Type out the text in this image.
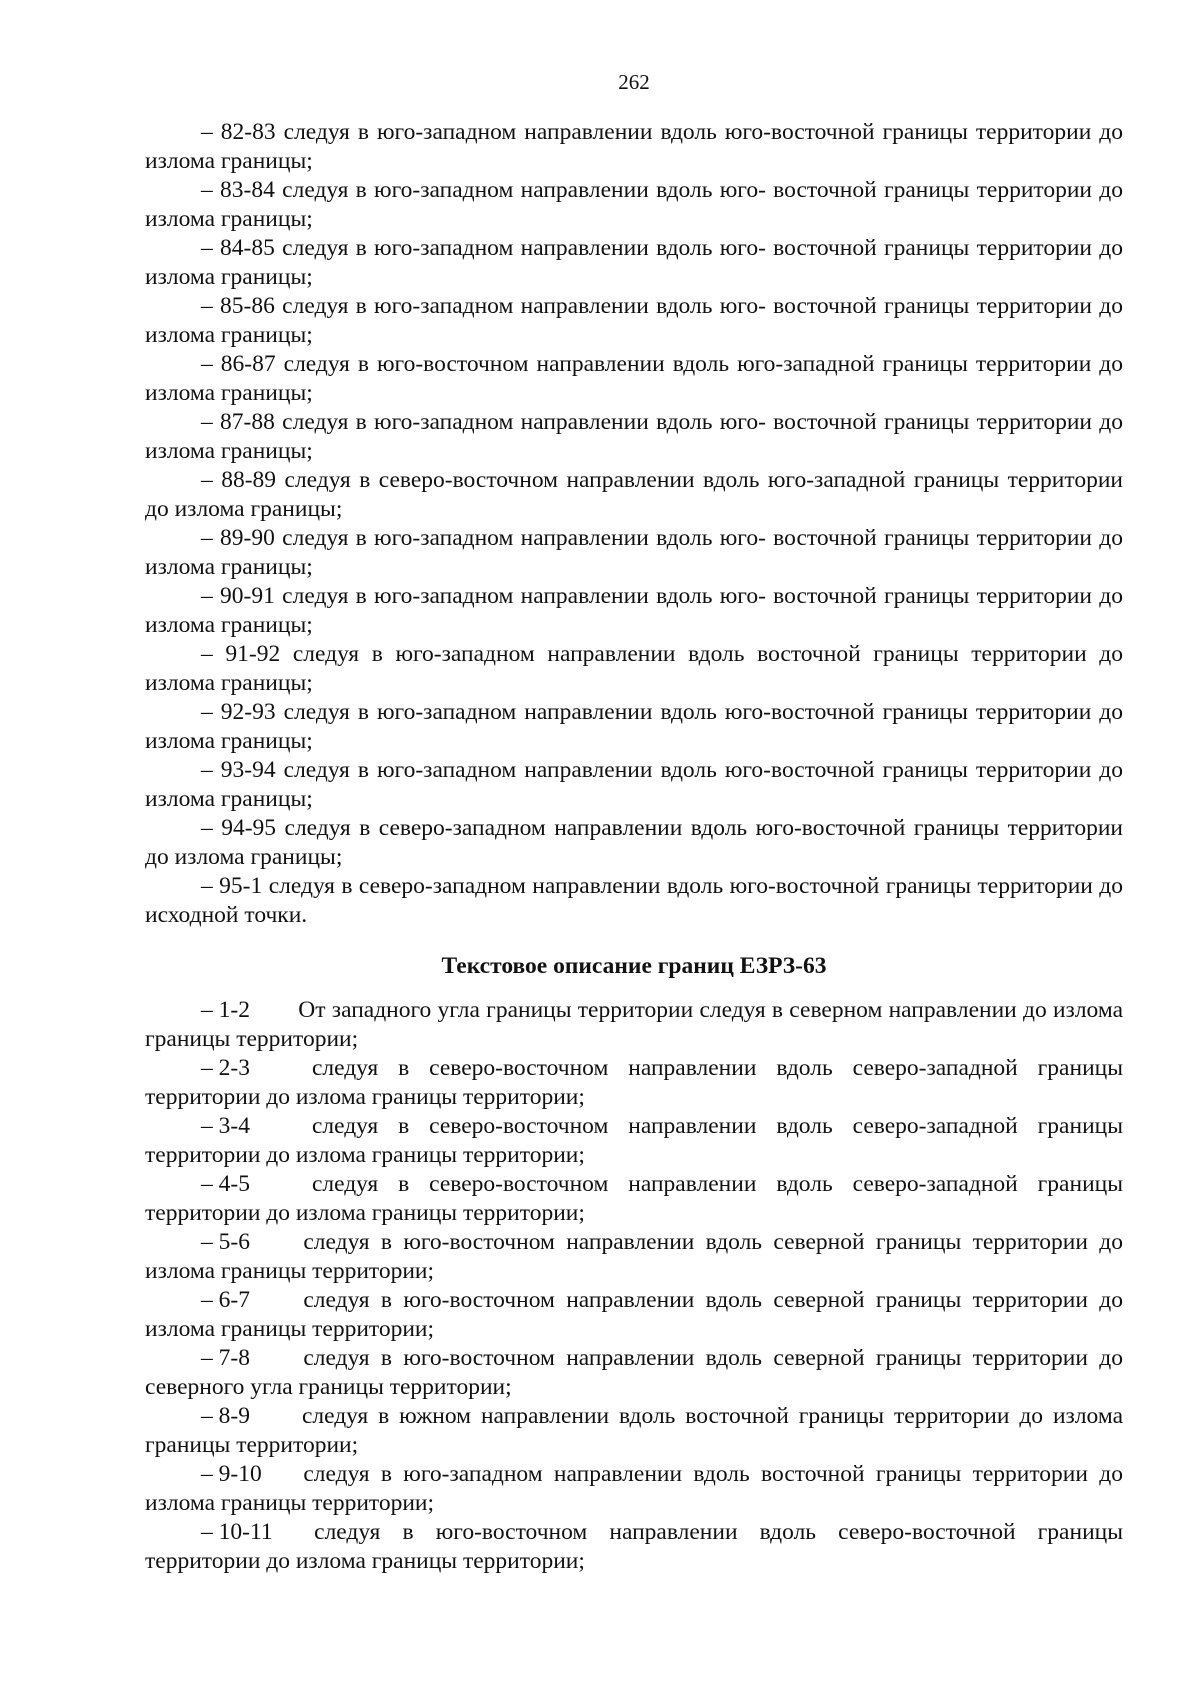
262

– 82-83 следуя в юго-западном направлении вдоль юго-восточной границы территории до излома границы;

– 83-84 следуя в юго-западном направлении вдоль юго- восточной границы территории до излома границы;

– 84-85 следуя в юго-западном направлении вдоль юго- восточной границы территории до излома границы;

– 85-86 следуя в юго-западном направлении вдоль юго- восточной границы территории до излома границы;

– 86-87 следуя в юго-восточном направлении вдоль юго-западной границы территории до излома границы;

– 87-88 следуя в юго-западном направлении вдоль юго- восточной границы территории до излома границы;

– 88-89 следуя в северо-восточном направлении вдоль юго-западной границы территории до излома границы;

– 89-90 следуя в юго-западном направлении вдоль юго- восточной границы территории до излома границы;

– 90-91 следуя в юго-западном направлении вдоль юго- восточной границы территории до излома границы;

– 91-92 следуя в юго-западном направлении вдоль восточной границы территории до излома границы;

– 92-93 следуя в юго-западном направлении вдоль юго-восточной границы территории до излома границы;

– 93-94 следуя в юго-западном направлении вдоль юго-восточной границы территории до излома границы;

– 94-95 следуя в северо-западном направлении вдоль юго-восточной границы территории до излома границы;

– 95-1 следуя в северо-западном направлении вдоль юго-восточной границы территории до исходной точки.

Текстовое описание границ ЕЗРЗ-63

– 1-2 От западного угла границы территории следуя в северном направлении до излома границы территории;

– 2-3	следуя в северо-восточном направлении вдоль северо-западной границы территории до излома границы территории;

– 3-4	следуя в северо-восточном направлении вдоль северо-западной границы территории до излома границы территории;

– 4-5	следуя в северо-восточном направлении вдоль северо-западной границы территории до излома границы территории;

– 5-6 следуя в юго-восточном направлении вдоль северной границы территории до излома границы территории;

– 6-7 следуя в юго-восточном направлении вдоль северной границы территории до излома границы территории;

– 7-8 следуя в юго-восточном направлении вдоль северной границы территории до северного угла границы территории;

– 8-9 следуя в южном направлении вдоль восточной границы территории до излома границы территории;

– 9-10 следуя в юго-западном направлении вдоль восточной границы территории до излома границы территории;

– 10-11 следуя в юго-восточном направлении вдоль северо-восточной границы территории до излома границы территории;
